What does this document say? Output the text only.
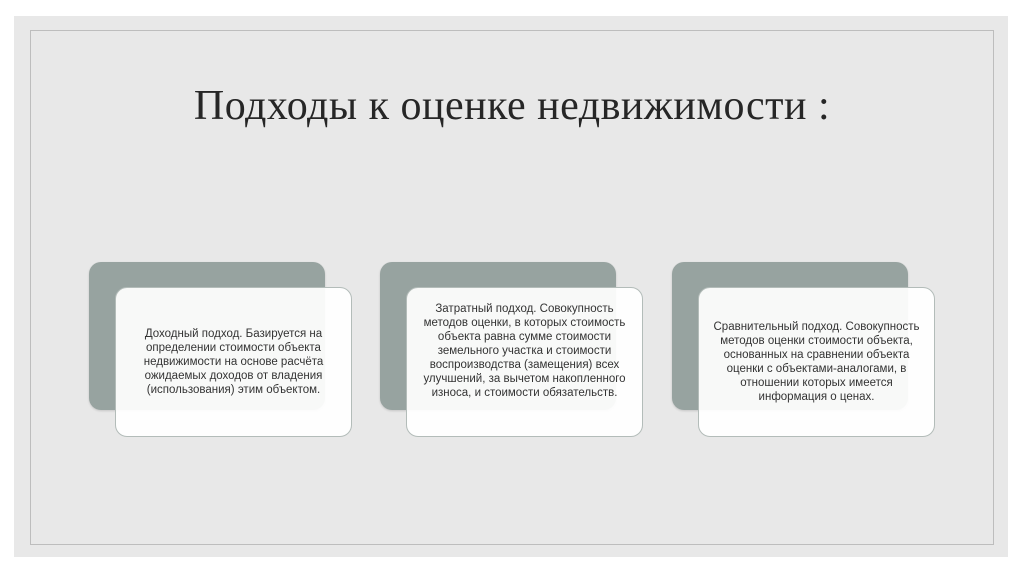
Подходы к оценке недвижимости :
Доходный подход. Базируется на определении стоимости объекта недвижимости на основе расчёта ожидаемых доходов от владения (использования) этим объектом.
Затратный подход. Совокупность методов оценки, в которых стоимость объекта равна сумме стоимости земельного участка и стоимости воспроизводства (замещения) всех улучшений, за вычетом накопленного износа, и стоимости обязательств.
Сравнительный подход. Совокупность методов оценки стоимости объекта, основанных на сравнении объекта оценки с объектами-аналогами, в отношении которых имеется информация о ценах.
